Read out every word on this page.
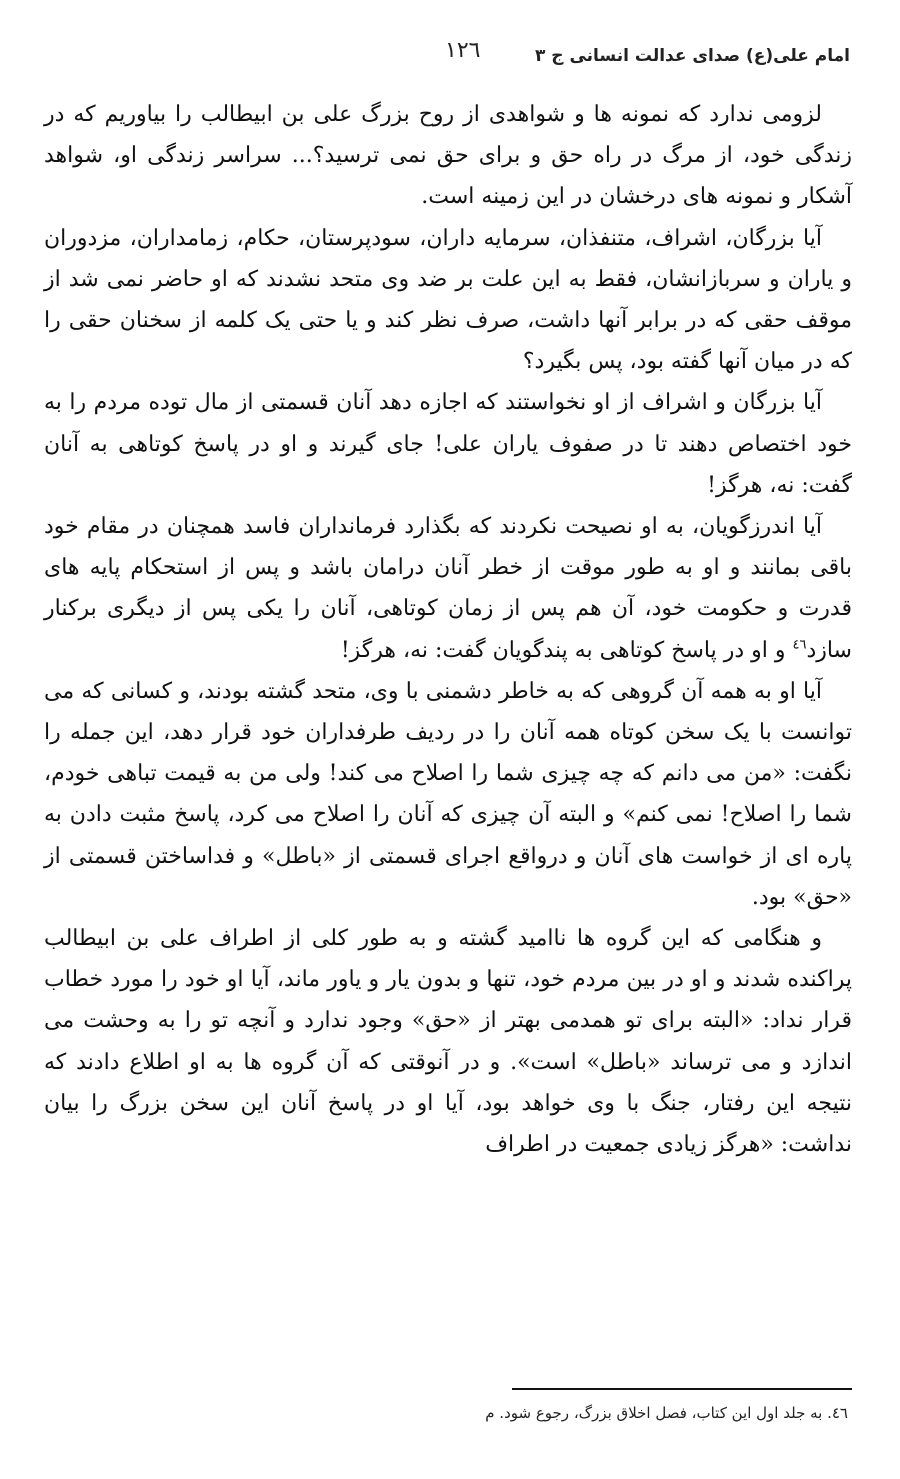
امام علی(ع) صدای عدالت انسانی ج ۳
۱۲٦

لزومی ندارد که نمونه ها و شواهدی از روح بزرگ علی بن ابیطالب را بیاوریم که در زندگی خود، از مرگ در راه حق و برای حق نمی ترسید؟... سراسر زندگی او، شواهد آشکار و نمونه های درخشان در این زمینه است.

آیا بزرگان، اشراف، متنفذان، سرمایه داران، سودپرستان، حکام، زمامداران، مزدوران و یاران و سربازانشان، فقط به این علت بر ضد وی متحد نشدند که او حاضر نمی شد از موقف حقی که در برابر آنها داشت، صرف نظر کند و یا حتی یک کلمه از سخنان حقی را که در میان آنها گفته بود، پس بگیرد؟

آیا بزرگان و اشراف از او نخواستند که اجازه دهد آنان قسمتی از مال توده مردم را به خود اختصاص دهند تا در صفوف یاران علی! جای گیرند و او در پاسخ کوتاهی به آنان گفت: نه، هرگز!

آیا اندرزگویان، به او نصیحت نکردند که بگذارد فرمانداران فاسد همچنان در مقام خود باقی بمانند و او به طور موقت از خطر آنان درامان باشد و پس از استحکام پایه های قدرت و حکومت خود، آن هم پس از زمان کوتاهی، آنان را یکی پس از دیگری برکنار سازد$^{٤٦}$ و او در پاسخ کوتاهی به پندگویان گفت: نه، هرگز!

آیا او به همه آن گروهی که به خاطر دشمنی با وی، متحد گشته بودند، و کسانی که می توانست با یک سخن کوتاه همه آنان را در ردیف طرفداران خود قرار دهد، این جمله را نگفت: «من می دانم که چه چیزی شما را اصلاح می کند! ولی من به قیمت تباهی خودم، شما را اصلاح! نمی کنم» و البته آن چیزی که آنان را اصلاح می کرد، پاسخ مثبت دادن به پاره ای از خواست های آنان و درواقع اجرای قسمتی از «باطل» و فداساختن قسمتی از «حق» بود.

و هنگامی که این گروه ها ناامید گشته و به طور کلی از اطراف علی بن ابیطالب پراکنده شدند و او در بین مردم خود، تنها و بدون یار و یاور ماند، آیا او خود را مورد خطاب قرار نداد: «البته برای تو همدمی بهتر از «حق» وجود ندارد و آنچه تو را به وحشت می اندازد و می ترساند «باطل» است». و در آنوقتی که آن گروه ها به او اطلاع دادند که نتیجه این رفتار، جنگ با وی خواهد بود، آیا او در پاسخ آنان این سخن بزرگ را بیان نداشت: «هرگز زیادی جمعیت در اطراف

٤٦. به جلد اول این کتاب، فصل اخلاق بزرگ، رجوع شود. م
